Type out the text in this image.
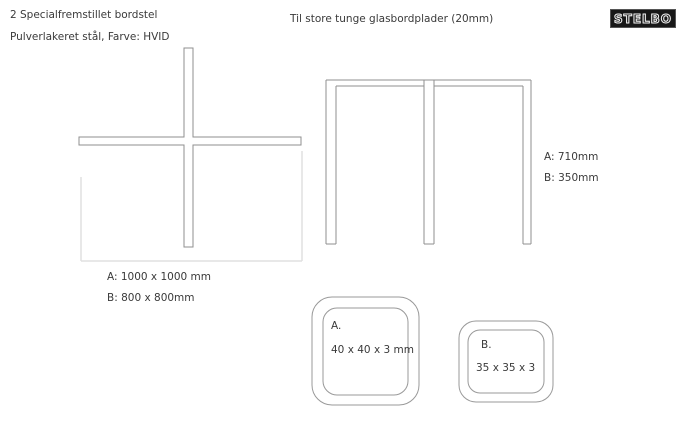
2 Specialfremstillet bordstel
Pulverlakeret stål, Farve: HVID
Til store tunge glasbordplader (20mm)	STELBO
A: 1000 x 1000 mm
B: 800 x 800mm
A: 710mm
B: 350mm
A.
40 x 40 x 3 mm	B.
35 x 35 x 3
